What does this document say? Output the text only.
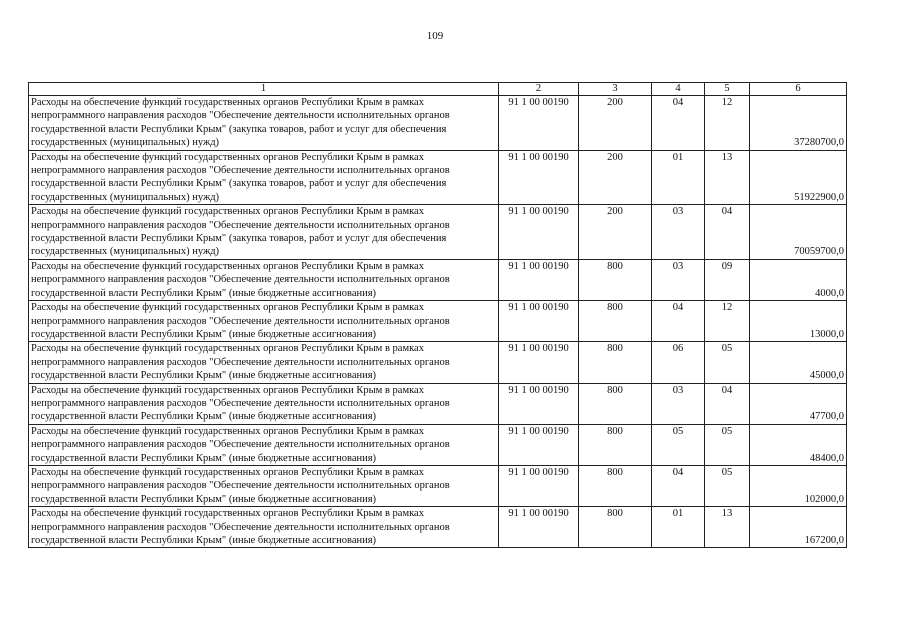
109
1	2	3	4	5	6
Расходы на обеспечение функций государственных органов Республики Крым в рамках непрограммного направления расходов "Обеспечение деятельности исполнительных органов государственной власти Республики Крым" (закупка товаров, работ и услуг для обеспечения государственных (муниципальных) нужд)	91 1 00 00190	200	04	12	37280700,0
Расходы на обеспечение функций государственных органов Республики Крым в рамках непрограммного направления расходов "Обеспечение деятельности исполнительных органов государственной власти Республики Крым" (закупка товаров, работ и услуг для обеспечения государственных (муниципальных) нужд)	91 1 00 00190	200	01	13	51922900,0
Расходы на обеспечение функций государственных органов Республики Крым в рамках непрограммного направления расходов "Обеспечение деятельности исполнительных органов государственной власти Республики Крым" (закупка товаров, работ и услуг для обеспечения государственных (муниципальных) нужд)	91 1 00 00190	200	03	04	70059700,0
Расходы на обеспечение функций государственных органов Республики Крым в рамках непрограммного направления расходов "Обеспечение деятельности исполнительных органов государственной власти Республики Крым" (иные бюджетные ассигнования)	91 1 00 00190	800	03	09	4000,0
Расходы на обеспечение функций государственных органов Республики Крым в рамках непрограммного направления расходов "Обеспечение деятельности исполнительных органов государственной власти Республики Крым" (иные бюджетные ассигнования)	91 1 00 00190	800	04	12	13000,0
Расходы на обеспечение функций государственных органов Республики Крым в рамках непрограммного направления расходов "Обеспечение деятельности исполнительных органов государственной власти Республики Крым" (иные бюджетные ассигнования)	91 1 00 00190	800	06	05	45000,0
Расходы на обеспечение функций государственных органов Республики Крым в рамках непрограммного направления расходов "Обеспечение деятельности исполнительных органов государственной власти Республики Крым" (иные бюджетные ассигнования)	91 1 00 00190	800	03	04	47700,0
Расходы на обеспечение функций государственных органов Республики Крым в рамках непрограммного направления расходов "Обеспечение деятельности исполнительных органов государственной власти Республики Крым" (иные бюджетные ассигнования)	91 1 00 00190	800	05	05	48400,0
Расходы на обеспечение функций государственных органов Республики Крым в рамках непрограммного направления расходов "Обеспечение деятельности исполнительных органов государственной власти Республики Крым" (иные бюджетные ассигнования)	91 1 00 00190	800	04	05	102000,0
Расходы на обеспечение функций государственных органов Республики Крым в рамках непрограммного направления расходов "Обеспечение деятельности исполнительных органов государственной власти Республики Крым" (иные бюджетные ассигнования)	91 1 00 00190	800	01	13	167200,0
